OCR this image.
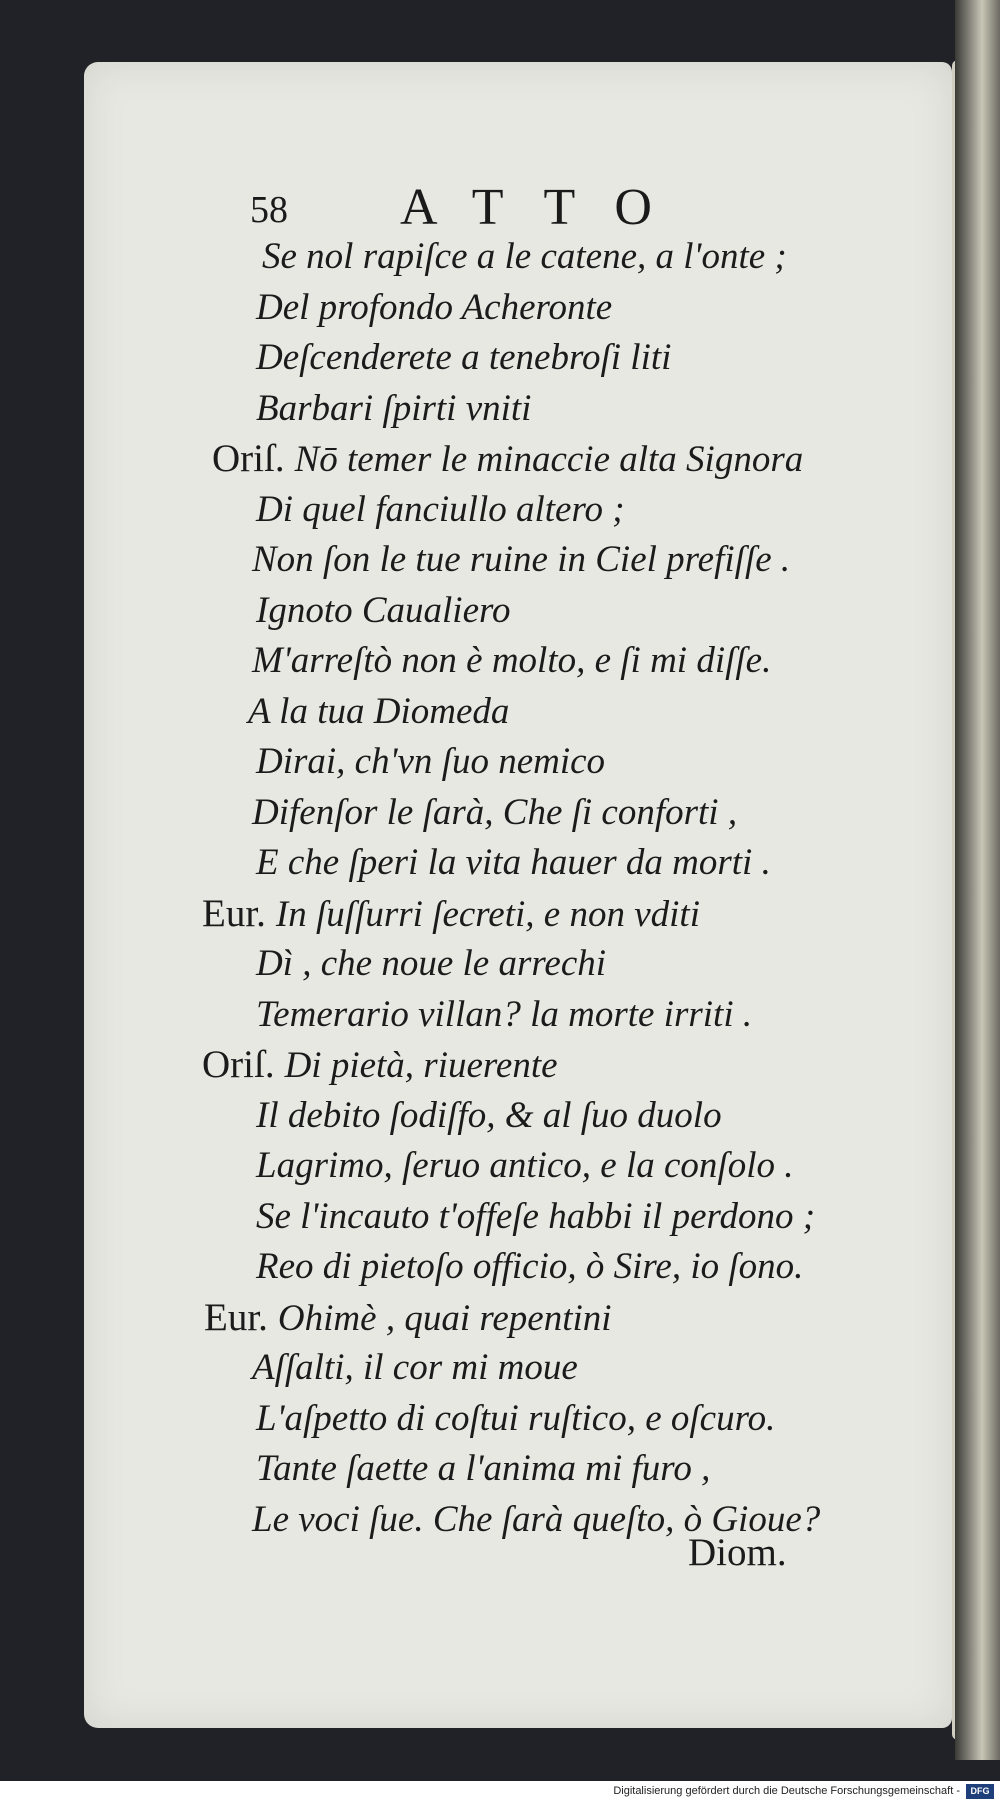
58 ATTO
Se nol rapiſce a le catene, a l'onte ;
Del profondo Acheronte
Deſcenderete a tenebroſi liti
Barbari ſpirti vniti
Oriſ. Nō temer le minaccie alta Signora
Di quel fanciullo altero ;
Non ſon le tue ruine in Ciel prefiſſe .
Ignoto Caualiero
M'arreſtò non è molto, e ſi mi diſſe.
A la tua Diomeda
Dirai, ch'vn ſuo nemico
Difenſor le ſarà, Che ſi conforti ,
E che ſperi la vita hauer da morti .
Eur. In ſuſſurri ſecreti, e non vditi
Dì , che noue le arrechi
Temerario villan? la morte irriti .
Oriſ. Di pietà, riuerente
Il debito ſodiſfo, & al ſuo duolo
Lagrimo, ſeruo antico, e la conſolo .
Se l'incauto t'offeſe habbi il perdono ;
Reo di pietoſo officio, ò Sire, io ſono.
Eur. Ohimè , quai repentini
Aſſalti, il cor mi moue
L'aſpetto di coſtui ruſtico, e oſcuro.
Tante ſaette a l'anima mi furo ,
Le voci ſue. Che ſarà queſto, ò Gioue?
Diom.
Digitalisierung gefördert durch die Deutsche Forschungsgemeinschaft -	DFG
